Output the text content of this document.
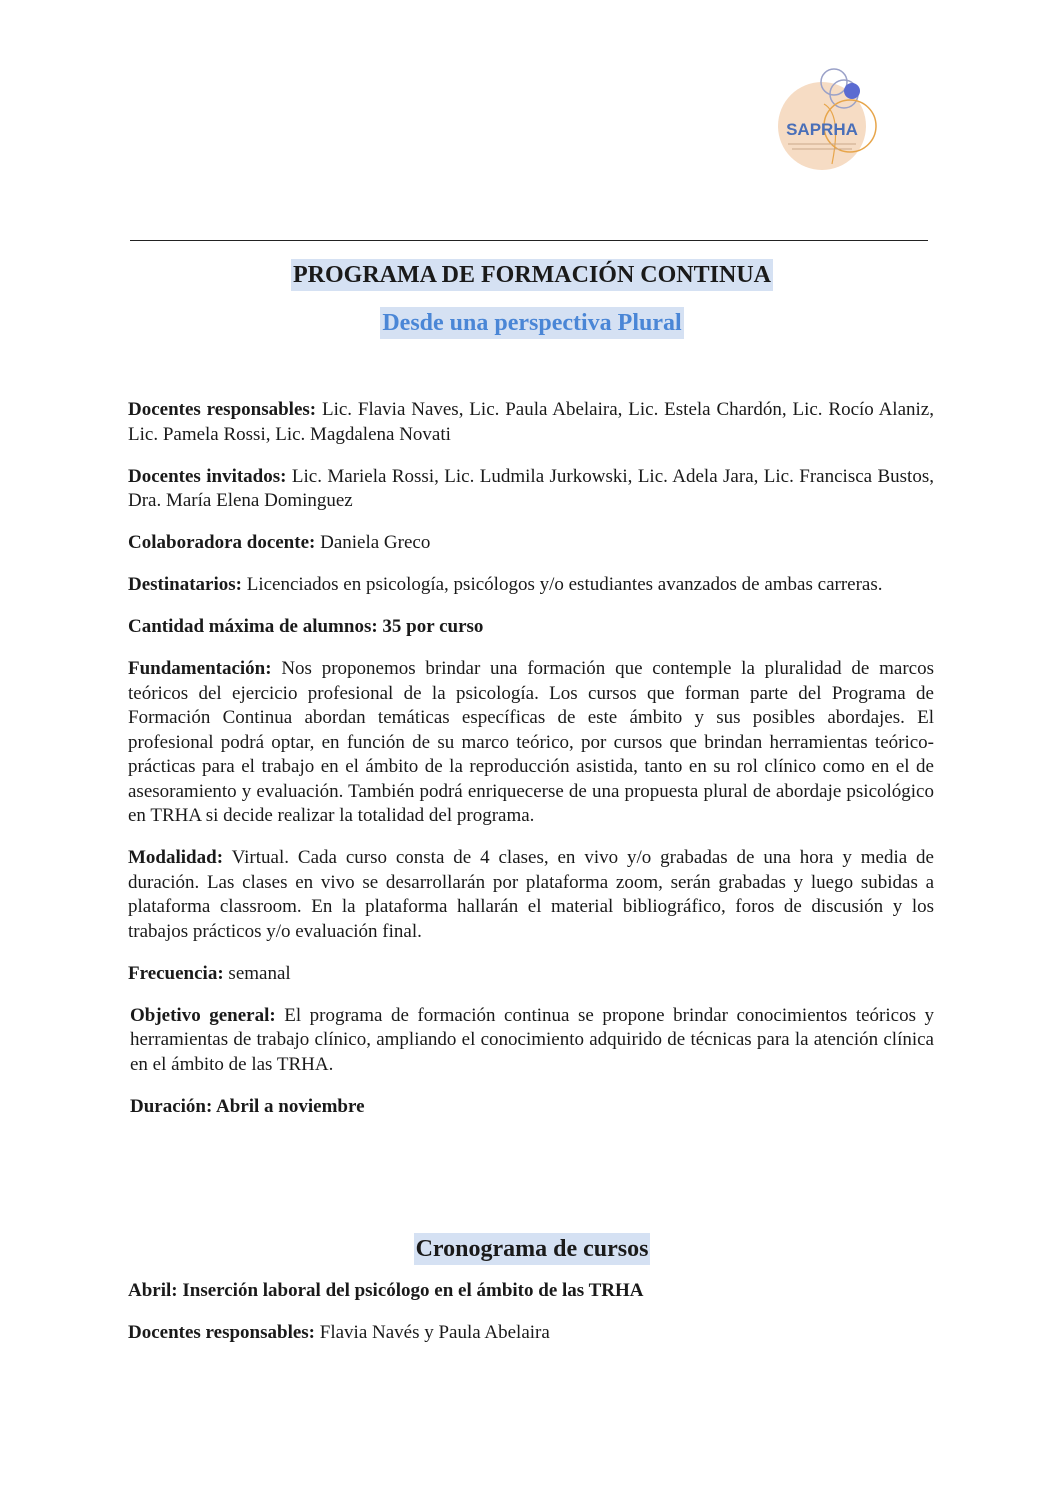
SAPRHA
PROGRAMA DE FORMACIÓN CONTINUA
Desde una perspectiva Plural

Docentes responsables: Lic. Flavia Naves, Lic. Paula Abelaira, Lic. Estela Chardón, Lic. Rocío Alaniz, Lic. Pamela Rossi, Lic. Magdalena Novati

Docentes invitados: Lic. Mariela Rossi, Lic. Ludmila Jurkowski, Lic. Adela Jara, Lic. Francisca Bustos, Dra. María Elena Dominguez

Colaboradora docente: Daniela Greco

Destinatarios: Licenciados en psicología, psicólogos y/o estudiantes avanzados de ambas carreras.

Cantidad máxima de alumnos: 35 por curso

Fundamentación: Nos proponemos brindar una formación que contemple la pluralidad de marcos teóricos del ejercicio profesional de la psicología. Los cursos que forman parte del Programa de Formación Continua abordan temáticas específicas de este ámbito y sus posibles abordajes. El profesional podrá optar, en función de su marco teórico, por cursos que brindan herramientas teórico-prácticas para el trabajo en el ámbito de la reproducción asistida, tanto en su rol clínico como en el de asesoramiento y evaluación. También podrá enriquecerse de una propuesta plural de abordaje psicológico en TRHA si decide realizar la totalidad del programa.

Modalidad: Virtual. Cada curso consta de 4 clases, en vivo y/o grabadas de una hora y media de duración. Las clases en vivo se desarrollarán por plataforma zoom, serán grabadas y luego subidas a plataforma classroom. En la plataforma hallarán el material bibliográfico, foros de discusión y los trabajos prácticos y/o evaluación final.

Frecuencia: semanal

Objetivo general: El programa de formación continua se propone brindar conocimientos teóricos y herramientas de trabajo clínico, ampliando el conocimiento adquirido de técnicas para la atención clínica en el ámbito de las TRHA.

Duración: Abril a noviembre

Cronograma de cursos

Abril: Inserción laboral del psicólogo en el ámbito de las TRHA

Docentes responsables: Flavia Navés y Paula Abelaira
